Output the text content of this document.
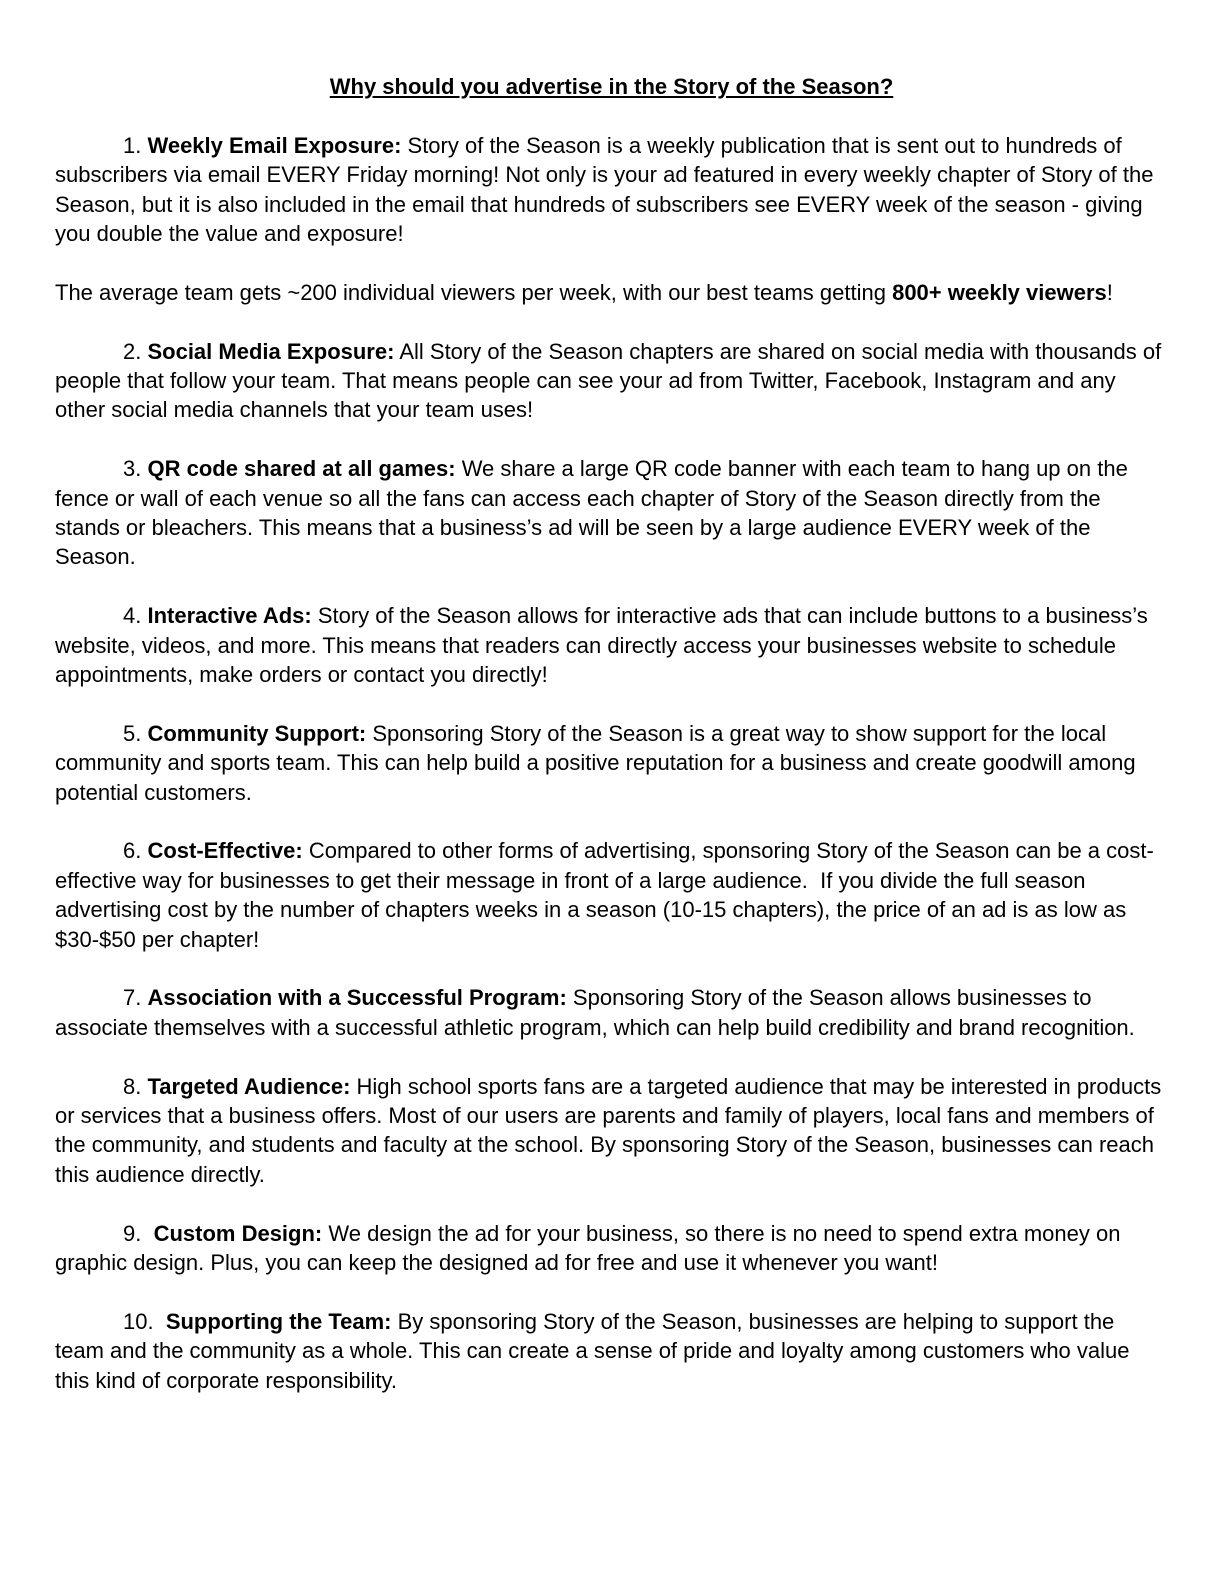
Why should you advertise in the Story of the Season?

1. Weekly Email Exposure: Story of the Season is a weekly publication that is sent out to hundreds of subscribers via email EVERY Friday morning! Not only is your ad featured in every weekly chapter of Story of the Season, but it is also included in the email that hundreds of subscribers see EVERY week of the season - giving you double the value and exposure!

The average team gets ~200 individual viewers per week, with our best teams getting 800+ weekly viewers!

2. Social Media Exposure: All Story of the Season chapters are shared on social media with thousands of people that follow your team. That means people can see your ad from Twitter, Facebook, Instagram and any other social media channels that your team uses!

3. QR code shared at all games: We share a large QR code banner with each team to hang up on the fence or wall of each venue so all the fans can access each chapter of Story of the Season directly from the stands or bleachers. This means that a business’s ad will be seen by a large audience EVERY week of the Season.

4. Interactive Ads: Story of the Season allows for interactive ads that can include buttons to a business’s website, videos, and more. This means that readers can directly access your businesses website to schedule appointments, make orders or contact you directly!

5. Community Support: Sponsoring Story of the Season is a great way to show support for the local community and sports team. This can help build a positive reputation for a business and create goodwill among potential customers.

6. Cost-Effective: Compared to other forms of advertising, sponsoring Story of the Season can be a cost-effective way for businesses to get their message in front of a large audience.  If you divide the full season advertising cost by the number of chapters weeks in a season (10-15 chapters), the price of an ad is as low as $30-$50 per chapter!

7. Association with a Successful Program: Sponsoring Story of the Season allows businesses to associate themselves with a successful athletic program, which can help build credibility and brand recognition.

8. Targeted Audience: High school sports fans are a targeted audience that may be interested in products or services that a business offers. Most of our users are parents and family of players, local fans and members of the community, and students and faculty at the school. By sponsoring Story of the Season, businesses can reach this audience directly.

9.  Custom Design: We design the ad for your business, so there is no need to spend extra money on graphic design. Plus, you can keep the designed ad for free and use it whenever you want!

10.  Supporting the Team: By sponsoring Story of the Season, businesses are helping to support the team and the community as a whole. This can create a sense of pride and loyalty among customers who value this kind of corporate responsibility.
